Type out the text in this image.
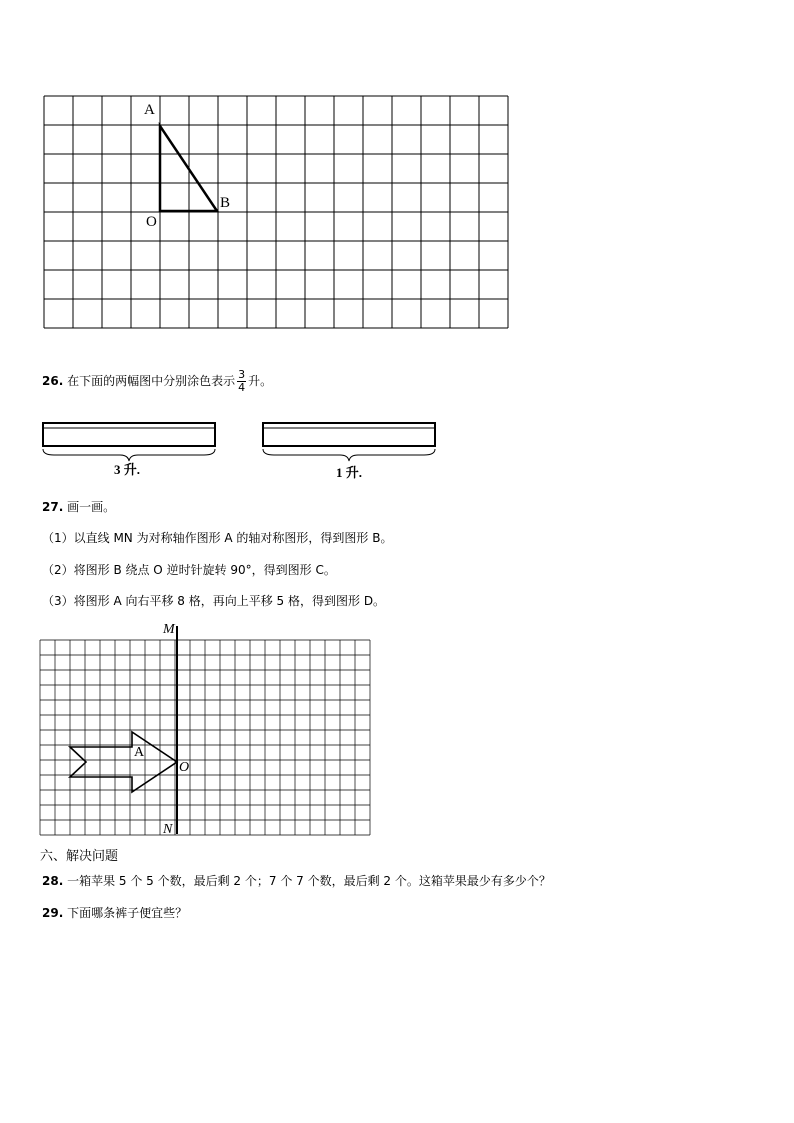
A
B
O
26. 在下面的两幅图中分别涂色表示 $\frac{3}{4}$ 升。
3 升.	1 升.
27. 画一画。
（1）以直线 MN 为对称轴作图形 A 的轴对称图形，得到图形 B。
（2）将图形 B 绕点 O 逆时针旋转 90°，得到图形 C。
（3）将图形 A 向右平移 8 格，再向上平移 5 格，得到图形 D。
M
N
O
A
六、解决问题
28. 一箱苹果 5 个 5 个数，最后剩 2 个；7 个 7 个数，最后剩 2 个。这箱苹果最少有多少个？
29. 下面哪条裤子便宜些？
